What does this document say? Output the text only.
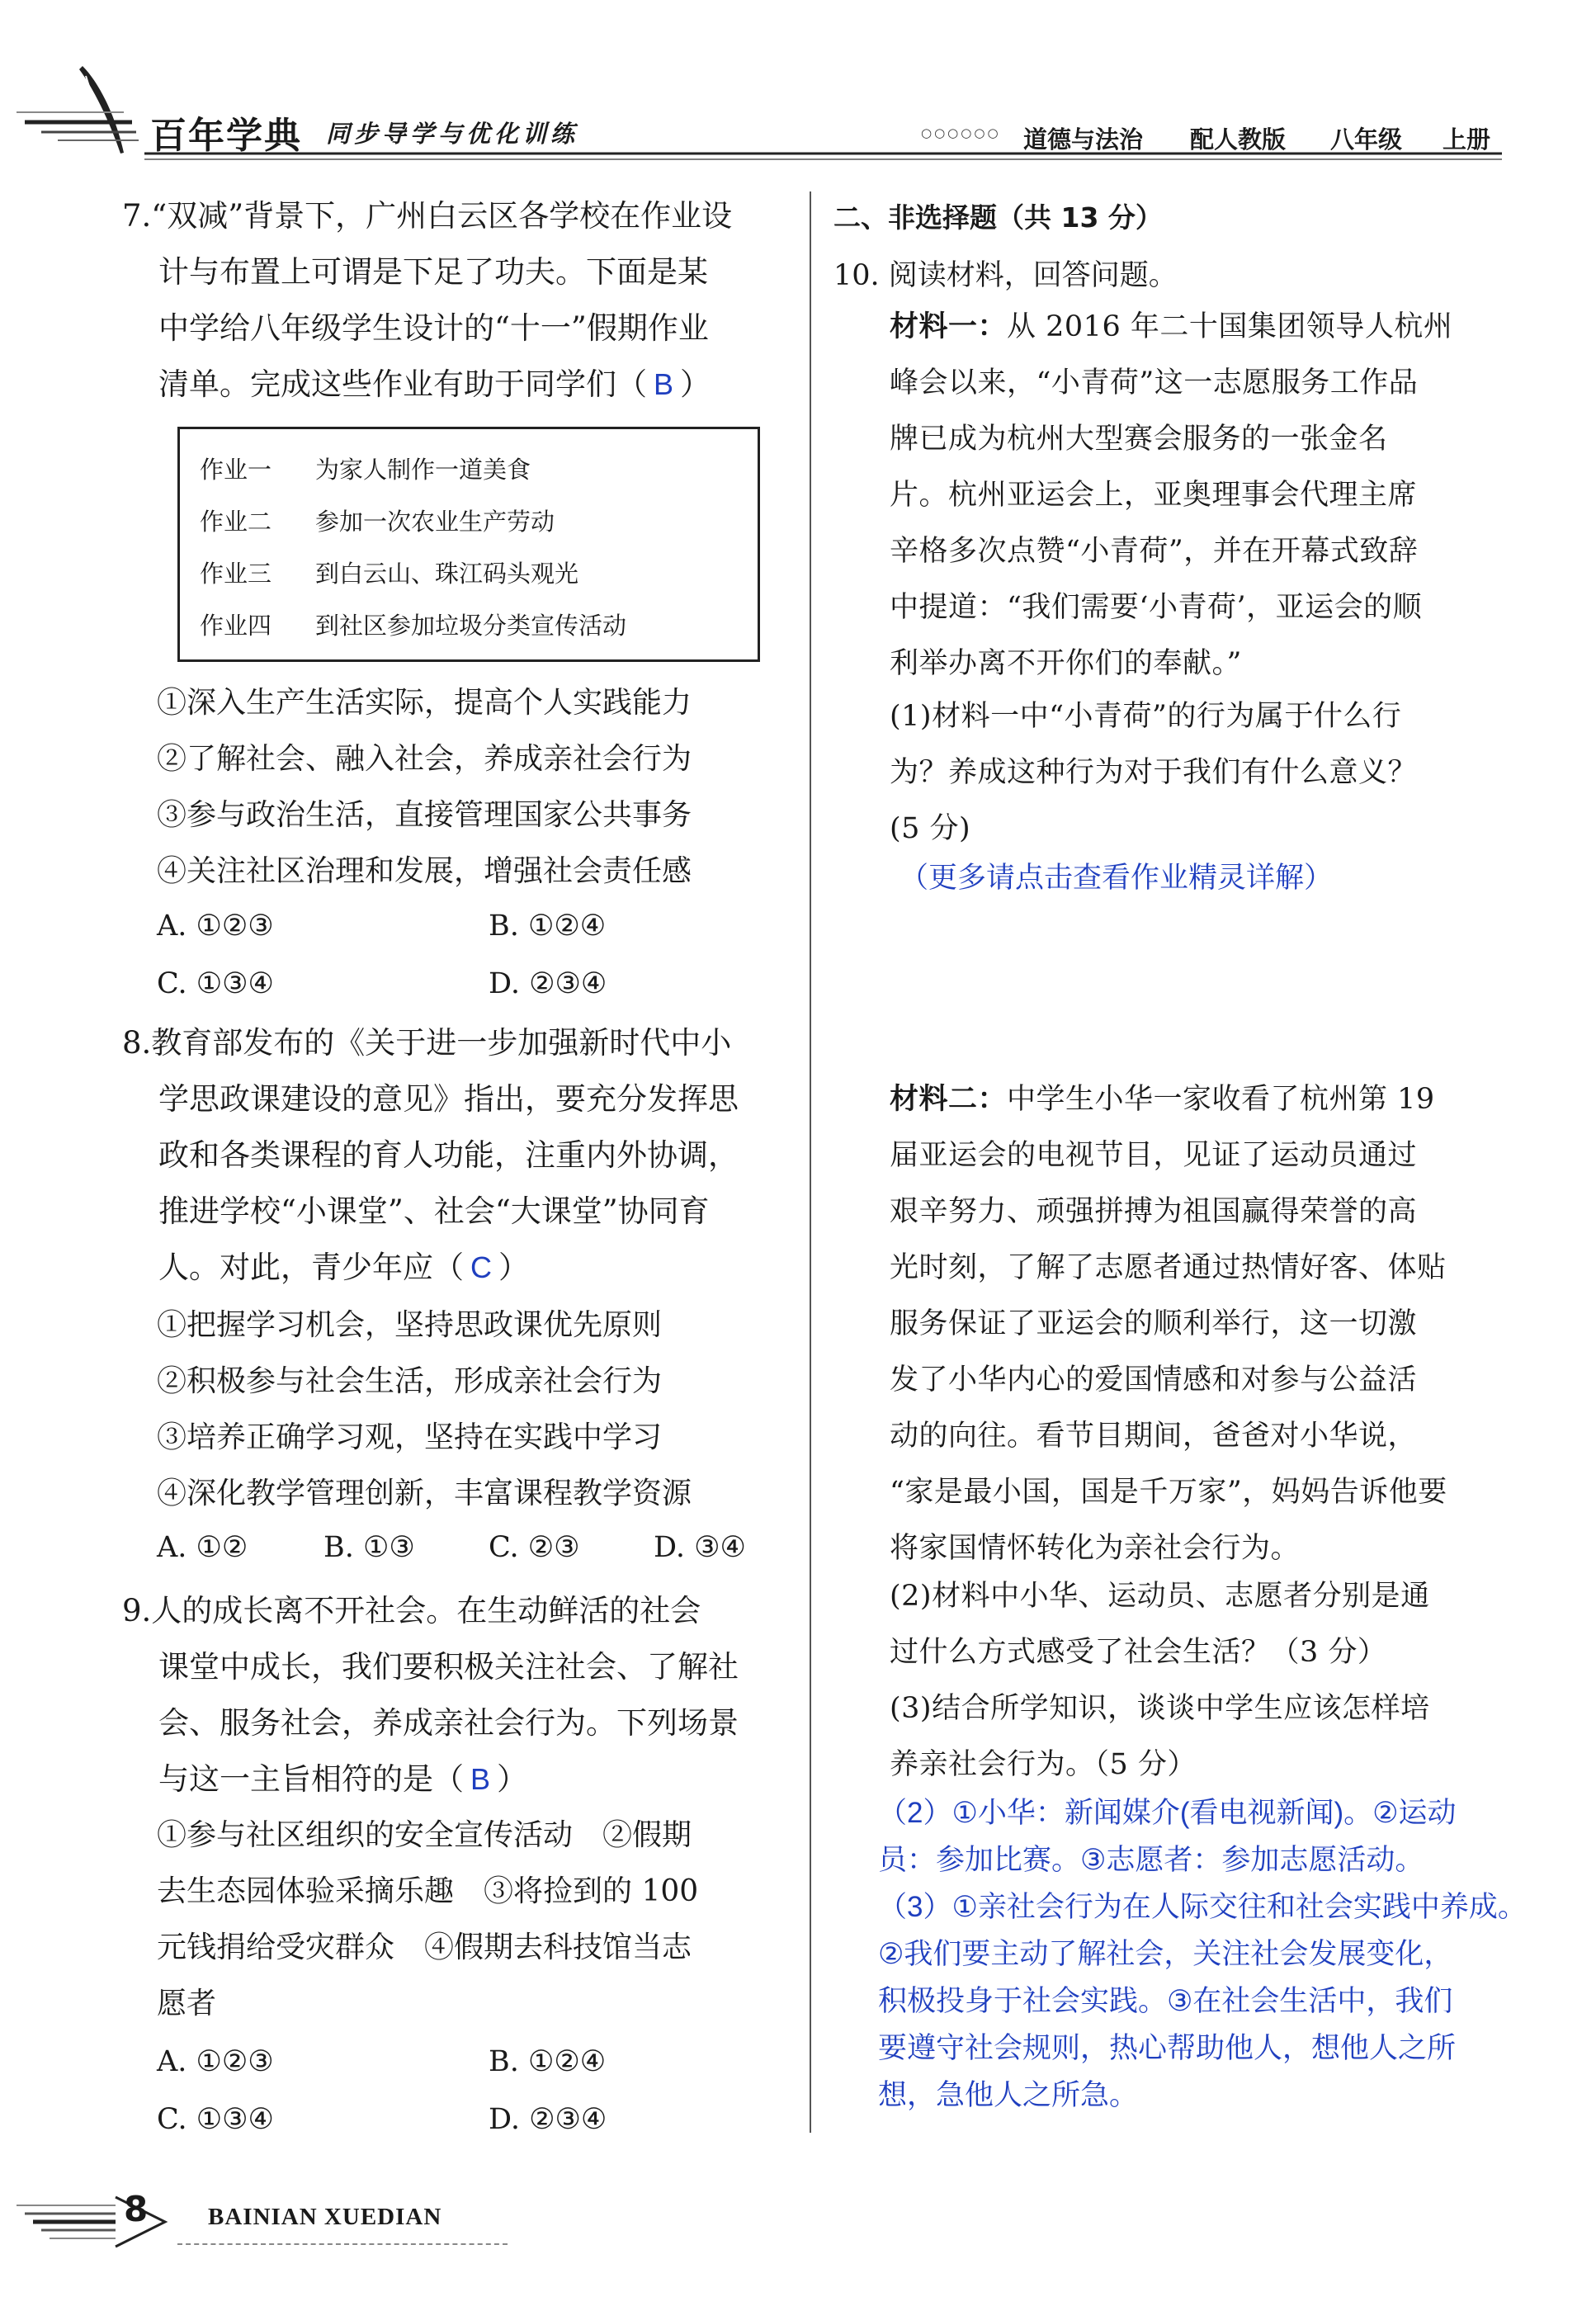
百年学典 同步导学与优化训练	○○○○○○ 道德与法治 配人教版 八年级 上册
7.“双减”背景下，广州白云区各学校在作业设
计与布置上可谓是下足了功夫。下面是某
中学给八年级学生设计的“十一”假期作业
清单。完成这些作业有助于同学们（ B ）
作业一 为家人制作一道美食
作业二 参加一次农业生产劳动
作业三 到白云山、珠江码头观光
作业四 到社区参加垃圾分类宣传活动
①深入生产生活实际，提高个人实践能力
②了解社会、融入社会，养成亲社会行为
③参与政治生活，直接管理国家公共事务
④关注社区治理和发展，增强社会责任感
A. ①②③	B. ①②④
C. ①③④	D. ②③④
8.教育部发布的《关于进一步加强新时代中小
学思政课建设的意见》指出，要充分发挥思
政和各类课程的育人功能，注重内外协调，
推进学校“小课堂”、社会“大课堂”协同育
人。对此，青少年应（ C ）
①把握学习机会，坚持思政课优先原则
②积极参与社会生活，形成亲社会行为
③培养正确学习观，坚持在实践中学习
④深化教学管理创新，丰富课程教学资源
A. ①②	B. ①③	C. ②③	D. ③④
9.人的成长离不开社会。在生动鲜活的社会
课堂中成长，我们要积极关注社会、了解社
会、服务社会，养成亲社会行为。下列场景
与这一主旨相符的是（ B ）
①参与社区组织的安全宣传活动　②假期
去生态园体验采摘乐趣　③将捡到的 100
元钱捐给受灾群众　④假期去科技馆当志
愿者
A. ①②③	B. ①②④
C. ①③④	D. ②③④
二、非选择题（共 13 分）
10. 阅读材料，回答问题。
材料一：从 2016 年二十国集团领导人杭州
峰会以来，“小青荷”这一志愿服务工作品
牌已成为杭州大型赛会服务的一张金名
片。杭州亚运会上，亚奥理事会代理主席
辛格多次点赞“小青荷”，并在开幕式致辞
中提道：“我们需要‘小青荷’，亚运会的顺
利举办离不开你们的奉献。”
(1)材料一中“小青荷”的行为属于什么行
为？养成这种行为对于我们有什么意义？
(5 分)
（更多请点击查看作业精灵详解）
材料二：中学生小华一家收看了杭州第 19
届亚运会的电视节目，见证了运动员通过
艰辛努力、顽强拼搏为祖国赢得荣誉的高
光时刻，了解了志愿者通过热情好客、体贴
服务保证了亚运会的顺利举行，这一切激
发了小华内心的爱国情感和对参与公益活
动的向往。看节目期间，爸爸对小华说，
“家是最小国，国是千万家”，妈妈告诉他要
将家国情怀转化为亲社会行为。
(2)材料中小华、运动员、志愿者分别是通
过什么方式感受了社会生活？（3 分）
(3)结合所学知识，谈谈中学生应该怎样培
养亲社会行为。（5 分）
（2）①小华：新闻媒介(看电视新闻)。②运动
员：参加比赛。③志愿者：参加志愿活动。
（3）①亲社会行为在人际交往和社会实践中养成。
②我们要主动了解社会，关注社会发展变化，
积极投身于社会实践。③在社会生活中，我们
要遵守社会规则，热心帮助他人，想他人之所
想，急他人之所急。
8	BAINIAN XUEDIAN
